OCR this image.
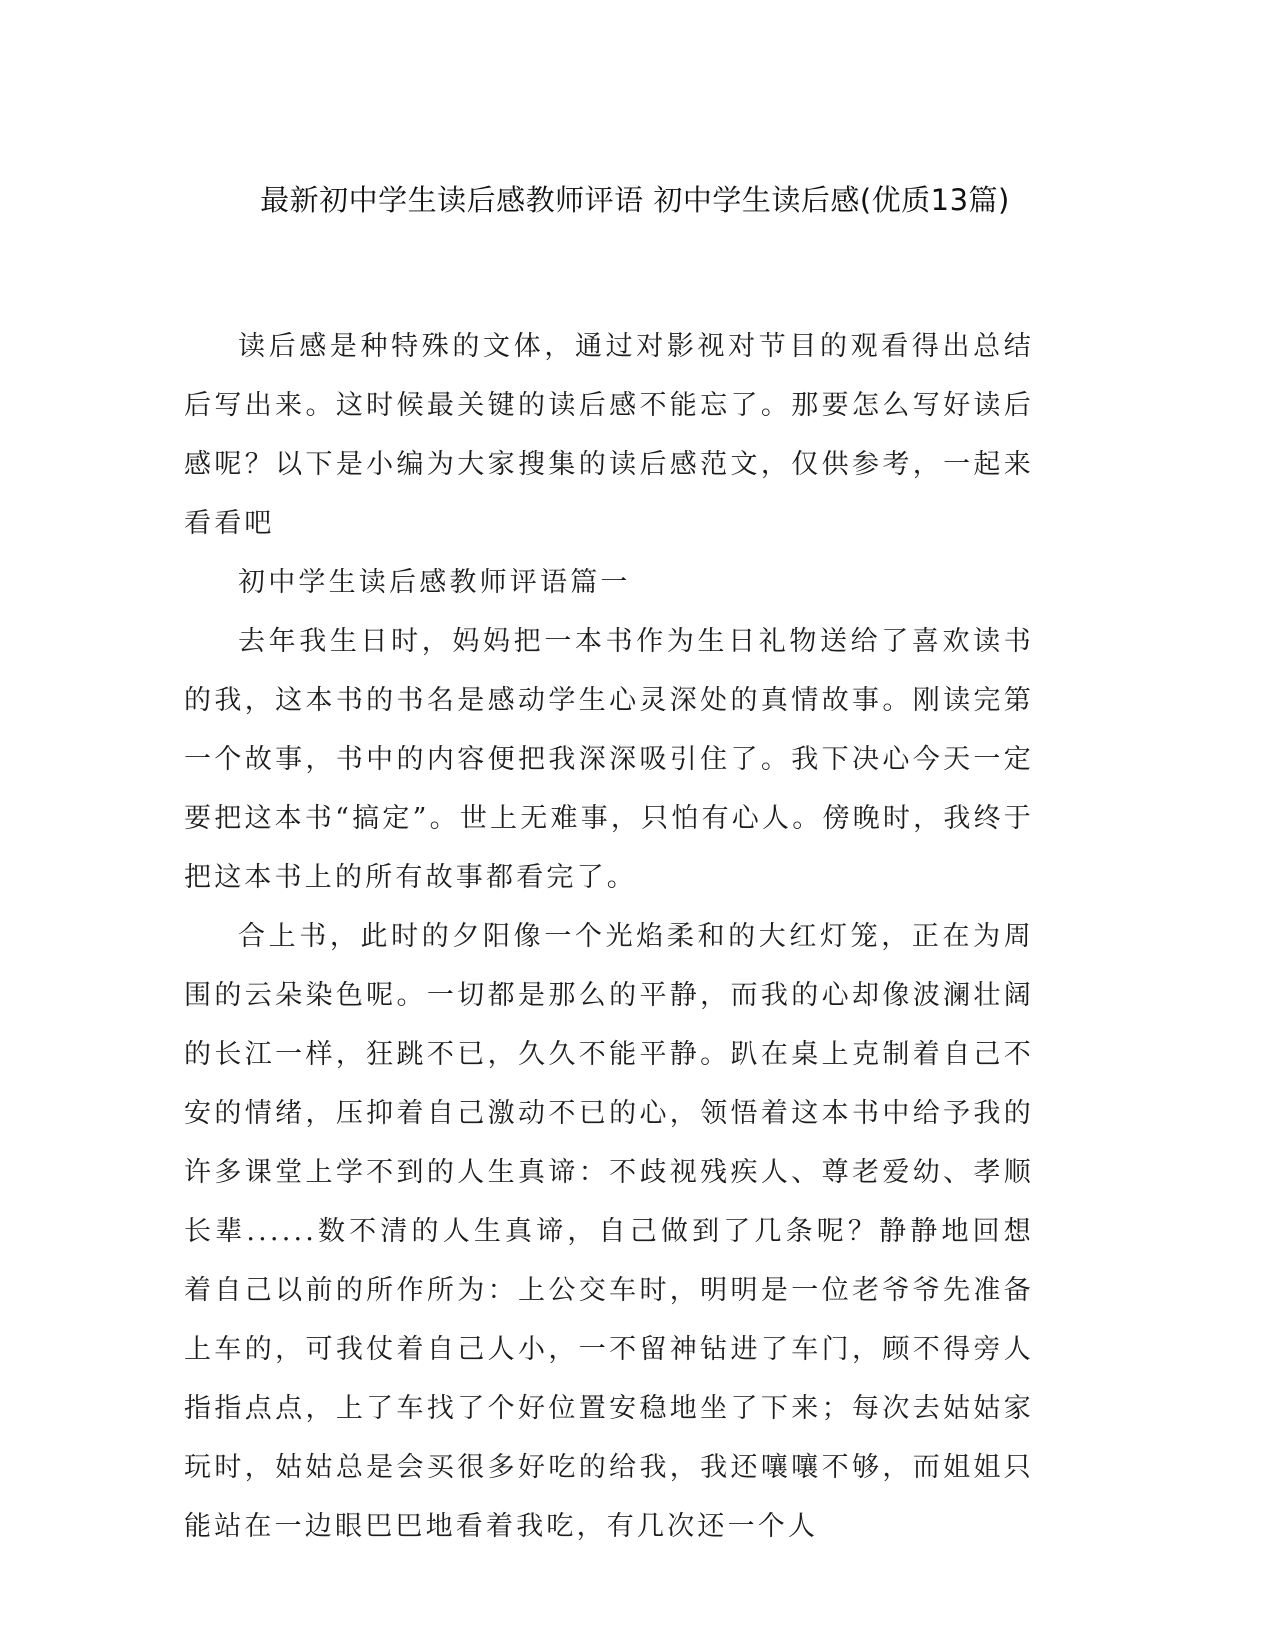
最新初中学生读后感教师评语 初中学生读后感(优质13篇)

读后感是种特殊的文体，通过对影视对节目的观看得出总结后写出来。这时候最关键的读后感不能忘了。那要怎么写好读后感呢？以下是小编为大家搜集的读后感范文，仅供参考，一起来看看吧

初中学生读后感教师评语篇一

去年我生日时，妈妈把一本书作为生日礼物送给了喜欢读书的我，这本书的书名是感动学生心灵深处的真情故事。刚读完第一个故事，书中的内容便把我深深吸引住了。我下决心今天一定要把这本书“搞定”。世上无难事，只怕有心人。傍晚时，我终于把这本书上的所有故事都看完了。

合上书，此时的夕阳像一个光焰柔和的大红灯笼，正在为周围的云朵染色呢。一切都是那么的平静，而我的心却像波澜壮阔的长江一样，狂跳不已，久久不能平静。趴在桌上克制着自己不安的情绪，压抑着自己激动不已的心，领悟着这本书中给予我的许多课堂上学不到的人生真谛：不歧视残疾人、尊老爱幼、孝顺长辈......数不清的人生真谛，自己做到了几条呢？静静地回想着自己以前的所作所为：上公交车时，明明是一位老爷爷先准备上车的，可我仗着自己人小，一不留神钻进了车门，顾不得旁人指指点点，上了车找了个好位置安稳地坐了下来；每次去姑姑家玩时，姑姑总是会买很多好吃的给我，我还嚷嚷不够，而姐姐只能站在一边眼巴巴地看着我吃，有几次还一个人
